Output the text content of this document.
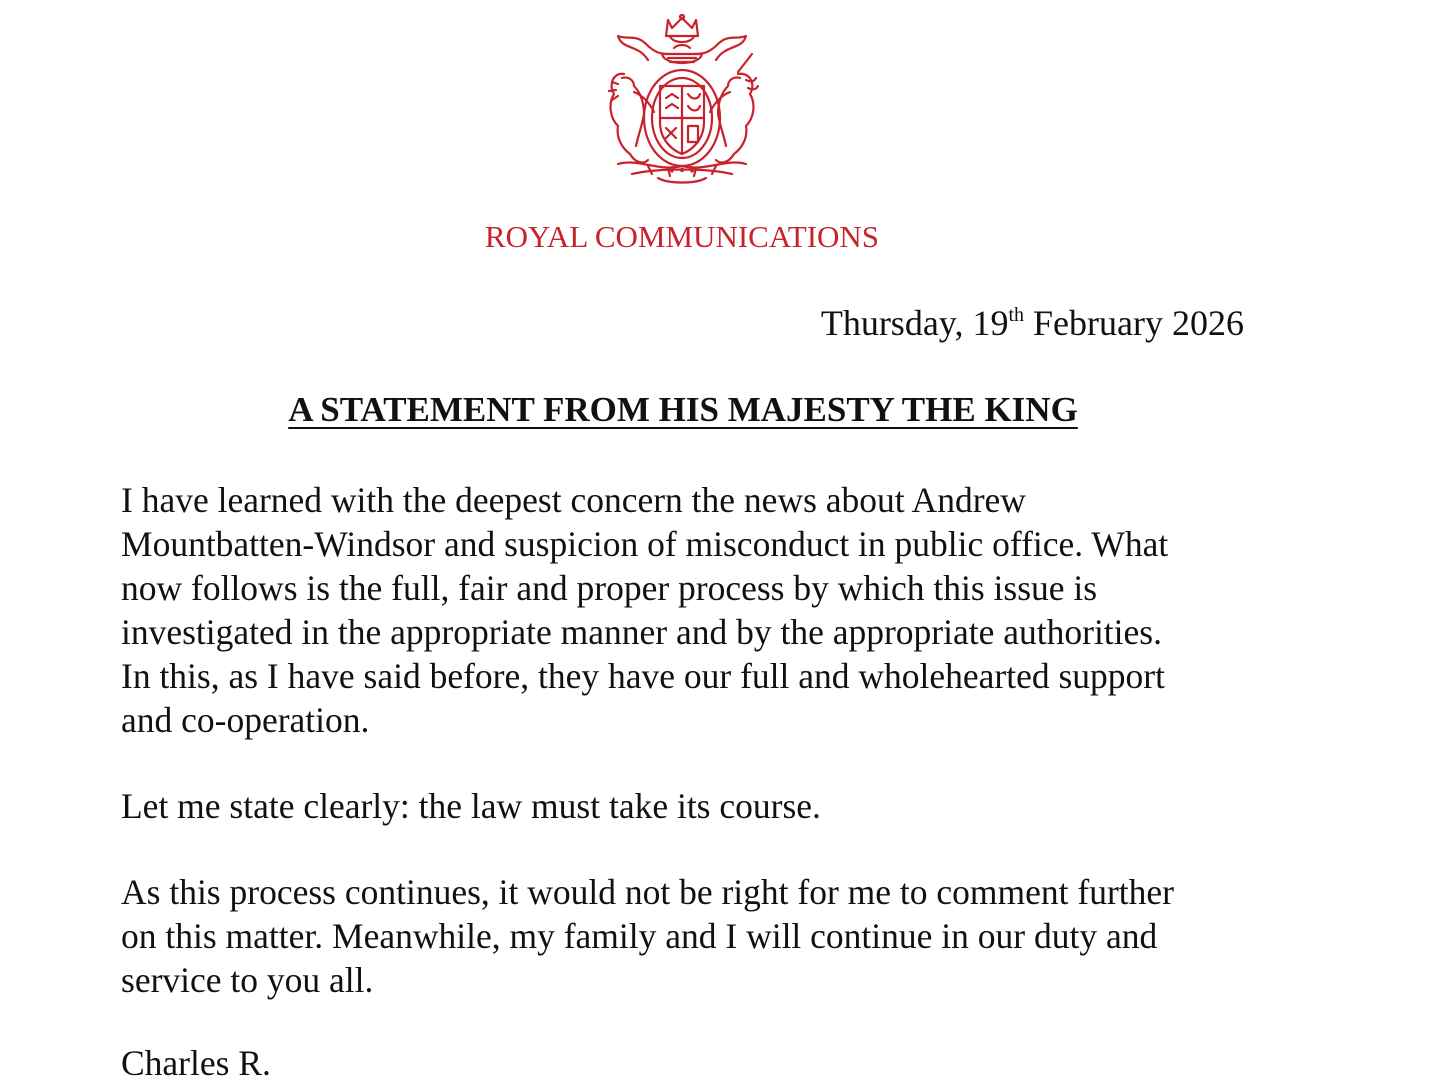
ROYAL COMMUNICATIONS
Thursday, 19th February 2026
A STATEMENT FROM HIS MAJESTY THE KING

I have learned with the deepest concern the news about Andrew
Mountbatten-Windsor and suspicion of misconduct in public office. What
now follows is the full, fair and proper process by which this issue is
investigated in the appropriate manner and by the appropriate authorities.
In this, as I have said before, they have our full and wholehearted support
and co-operation.

Let me state clearly: the law must take its course.

As this process continues, it would not be right for me to comment further
on this matter. Meanwhile, my family and I will continue in our duty and
service to you all.

Charles R.
